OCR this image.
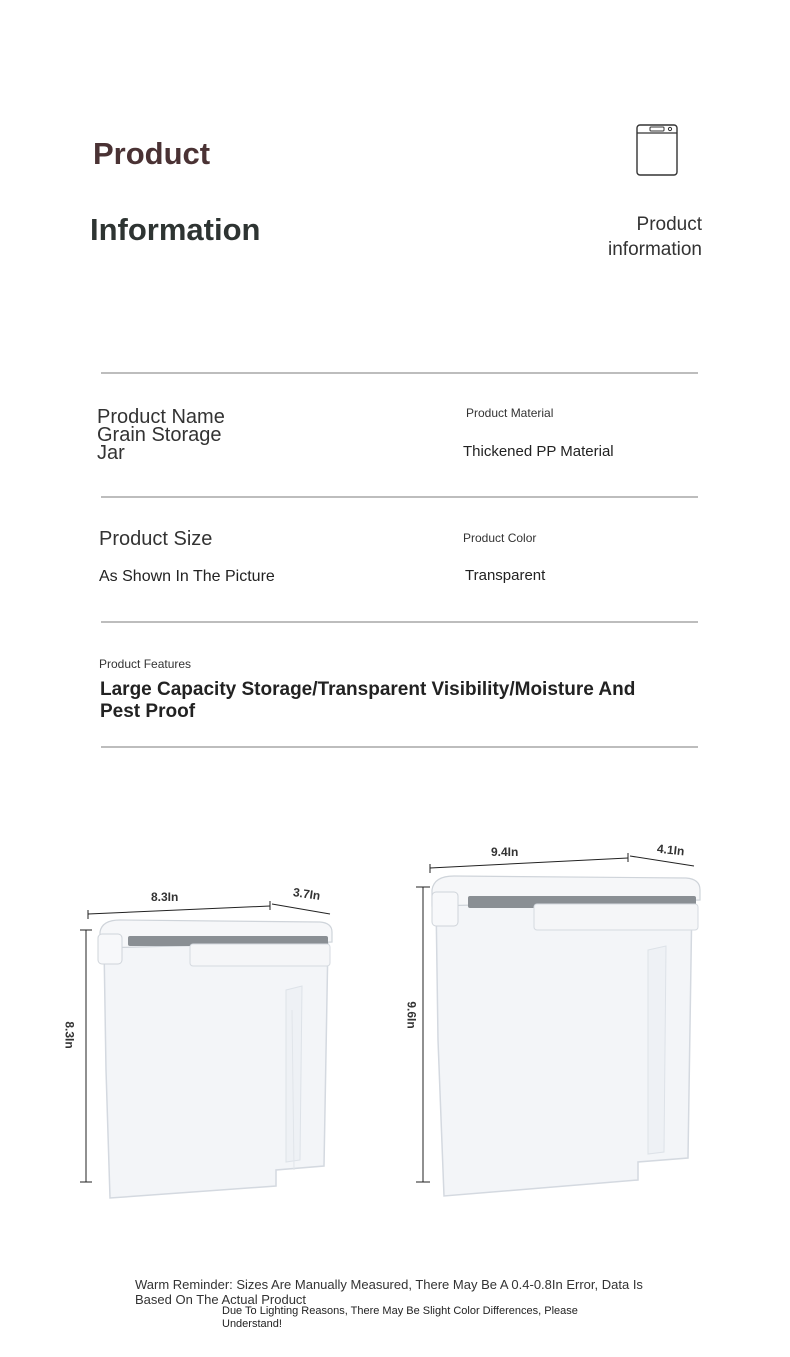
Product
Information	Product
information
Product Name Grain Storage Jar
Product Material
Thickened PP Material
Product Size
As Shown In The Picture
Product Color
Transparent
Product Features
Large Capacity Storage/Transparent Visibility/Moisture And Pest Proof
8.3In	3.7In
8.3In
9.4In	4.1In
9.6In
Warm Reminder: Sizes Are Manually Measured, There May Be A 0.4-0.8In Error, Data Is Based On The Actual Product
Due To Lighting Reasons, There May Be Slight Color Differences, Please Understand!
